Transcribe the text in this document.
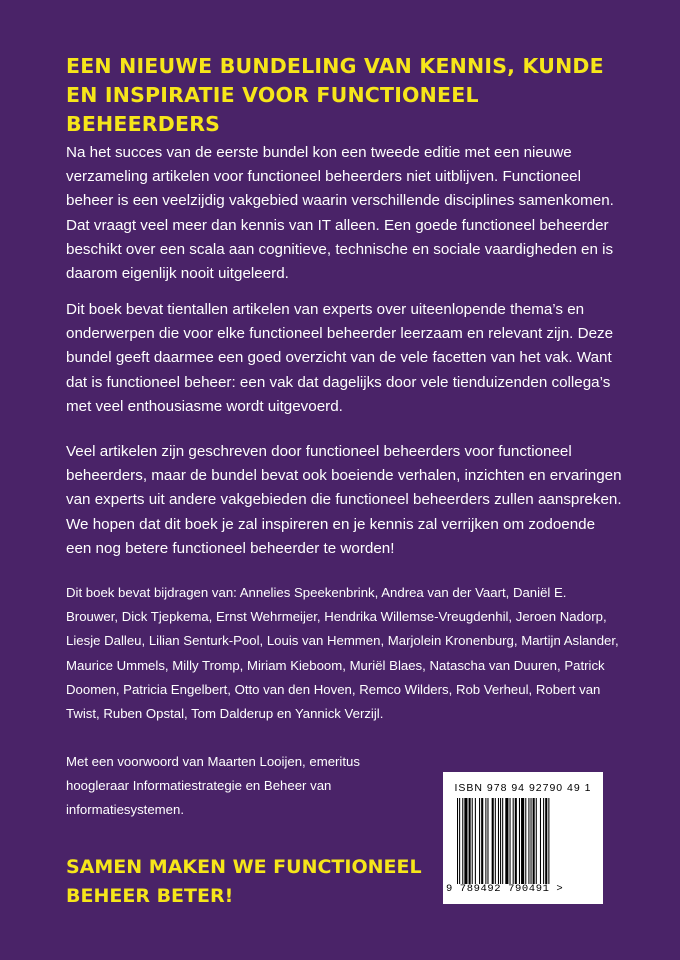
EEN NIEUWE BUNDELING VAN KENNIS, KUNDE EN INSPIRATIE VOOR FUNCTIONEEL BEHEERDERS

Na het succes van de eerste bundel kon een tweede editie met een nieuwe verzameling artikelen voor functioneel beheerders niet uitblijven. Functioneel beheer is een veelzijdig vakgebied waarin verschillende disciplines samenkomen. Dat vraagt veel meer dan kennis van IT alleen. Een goede functioneel beheerder beschikt over een scala aan cognitieve, technische en sociale vaardigheden en is daarom eigenlijk nooit uitgeleerd.

Dit boek bevat tientallen artikelen van experts over uiteenlopende thema’s en onderwerpen die voor elke functioneel beheerder leerzaam en relevant zijn. Deze bundel geeft daarmee een goed overzicht van de vele facetten van het vak. Want dat is functioneel beheer: een vak dat dagelijks door vele tienduizenden collega’s met veel enthousiasme wordt uitgevoerd.

Veel artikelen zijn geschreven door functioneel beheerders voor functioneel beheerders, maar de bundel bevat ook boeiende verhalen, inzichten en ervaringen van experts uit andere vakgebieden die functioneel beheerders zullen aanspreken. We hopen dat dit boek je zal inspireren en je kennis zal verrijken om zodoende een nog betere functioneel beheerder te worden!

Dit boek bevat bijdragen van: Annelies Speekenbrink, Andrea van der Vaart, Daniël E. Brouwer, Dick Tjepkema, Ernst Wehrmeijer, Hendrika Willemse-Vreugdenhil, Jeroen Nadorp, Liesje Dalleu, Lilian Senturk-Pool, Louis van Hemmen, Marjolein Kronenburg, Martijn Aslander, Maurice Ummels, Milly Tromp, Miriam Kieboom, Muriël Blaes, Natascha van Duuren, Patrick Doomen, Patricia Engelbert, Otto van den Hoven, Remco Wilders, Rob Verheul, Robert van Twist, Ruben Opstal, Tom Dalderup en Yannick Verzijl.

Met een voorwoord van Maarten Looijen, emeritus hoogleraar Informatiestrategie en Beheer van informatiesystemen.

SAMEN MAKEN WE FUNCTIONEEL BEHEER BETER!
ISBN 978 94 92790 49 1
9 789492 790491 >
